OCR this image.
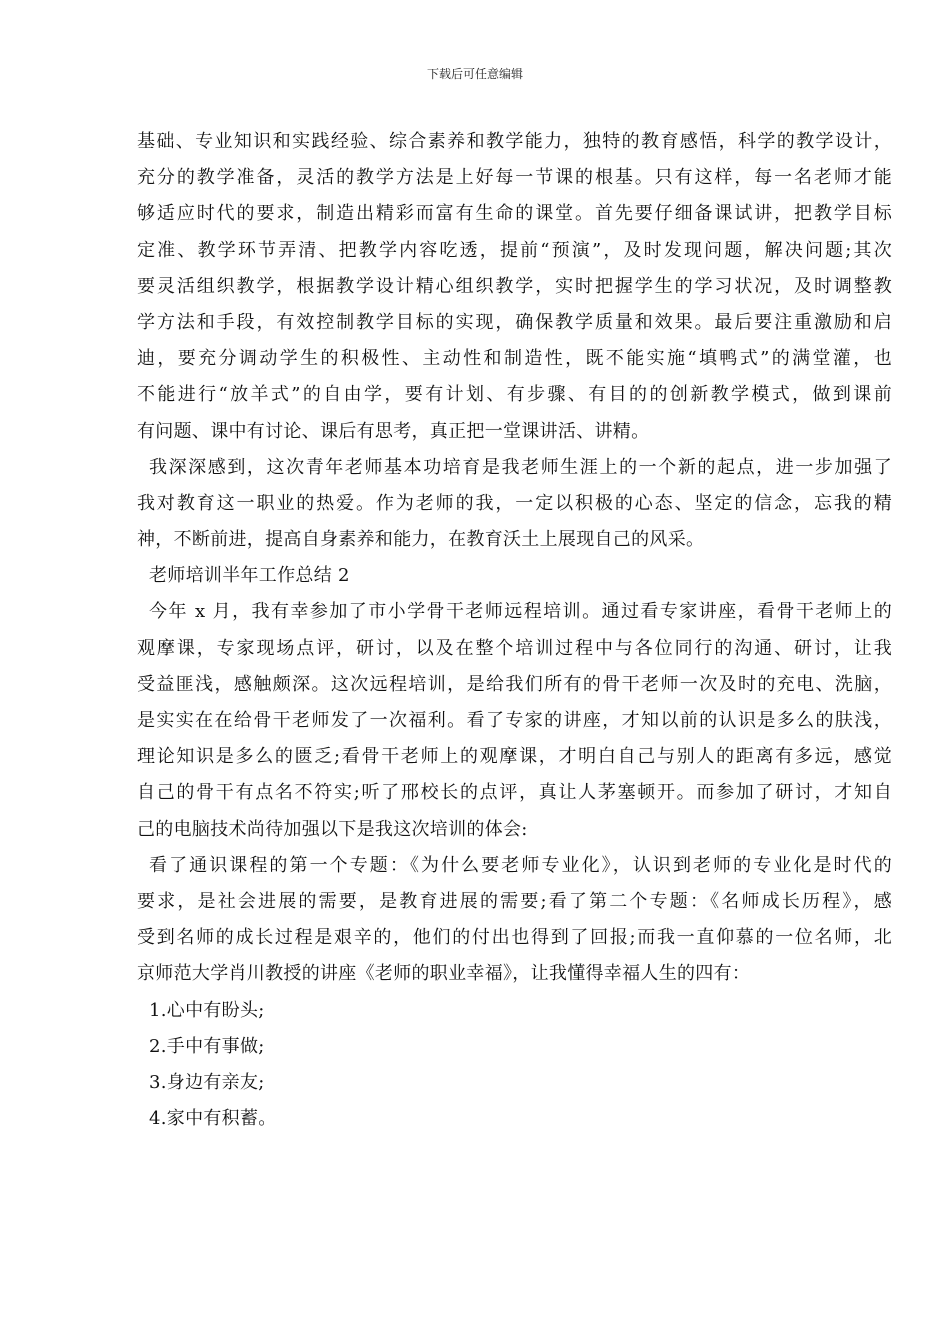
下载后可任意编辑
基础、专业知识和实践经验、综合素养和教学能力，独特的教育感悟，科学的教学设计，
充分的教学准备，灵活的教学方法是上好每一节课的根基。只有这样，每一名老师才能
够适应时代的要求，制造出精彩而富有生命的课堂。首先要仔细备课试讲，把教学目标
定准、教学环节弄清、把教学内容吃透，提前“预演”，及时发现问题，解决问题;其次
要灵活组织教学，根据教学设计精心组织教学，实时把握学生的学习状况，及时调整教
学方法和手段，有效控制教学目标的实现，确保教学质量和效果。最后要注重激励和启
迪，要充分调动学生的积极性、主动性和制造性，既不能实施“填鸭式”的满堂灌，也
不能进行“放羊式”的自由学，要有计划、有步骤、有目的的创新教学模式，做到课前
有问题、课中有讨论、课后有思考，真正把一堂课讲活、讲精。
我深深感到，这次青年老师基本功培育是我老师生涯上的一个新的起点，进一步加强了
我对教育这一职业的热爱。作为老师的我，一定以积极的心态、坚定的信念，忘我的精
神，不断前进，提高自身素养和能力，在教育沃土上展现自己的风采。
老师培训半年工作总结 2
今年 x 月，我有幸参加了市小学骨干老师远程培训。通过看专家讲座，看骨干老师上的
观摩课，专家现场点评，研讨，以及在整个培训过程中与各位同行的沟通、研讨，让我
受益匪浅，感触颇深。这次远程培训，是给我们所有的骨干老师一次及时的充电、洗脑，
是实实在在给骨干老师发了一次福利。看了专家的讲座，才知以前的认识是多么的肤浅，
理论知识是多么的匮乏;看骨干老师上的观摩课，才明白自己与别人的距离有多远，感觉
自己的骨干有点名不符实;听了邢校长的点评，真让人茅塞顿开。而参加了研讨，才知自
己的电脑技术尚待加强以下是我这次培训的体会:
看了通识课程的第一个专题：《为什么要老师专业化》，认识到老师的专业化是时代的
要求，是社会进展的需要，是教育进展的需要;看了第二个专题：《名师成长历程》，感
受到名师的成长过程是艰辛的，他们的付出也得到了回报;而我一直仰慕的一位名师，北
京师范大学肖川教授的讲座《老师的职业幸福》，让我懂得幸福人生的四有：
1.心中有盼头;
2.手中有事做;
3.身边有亲友;
4.家中有积蓄。
